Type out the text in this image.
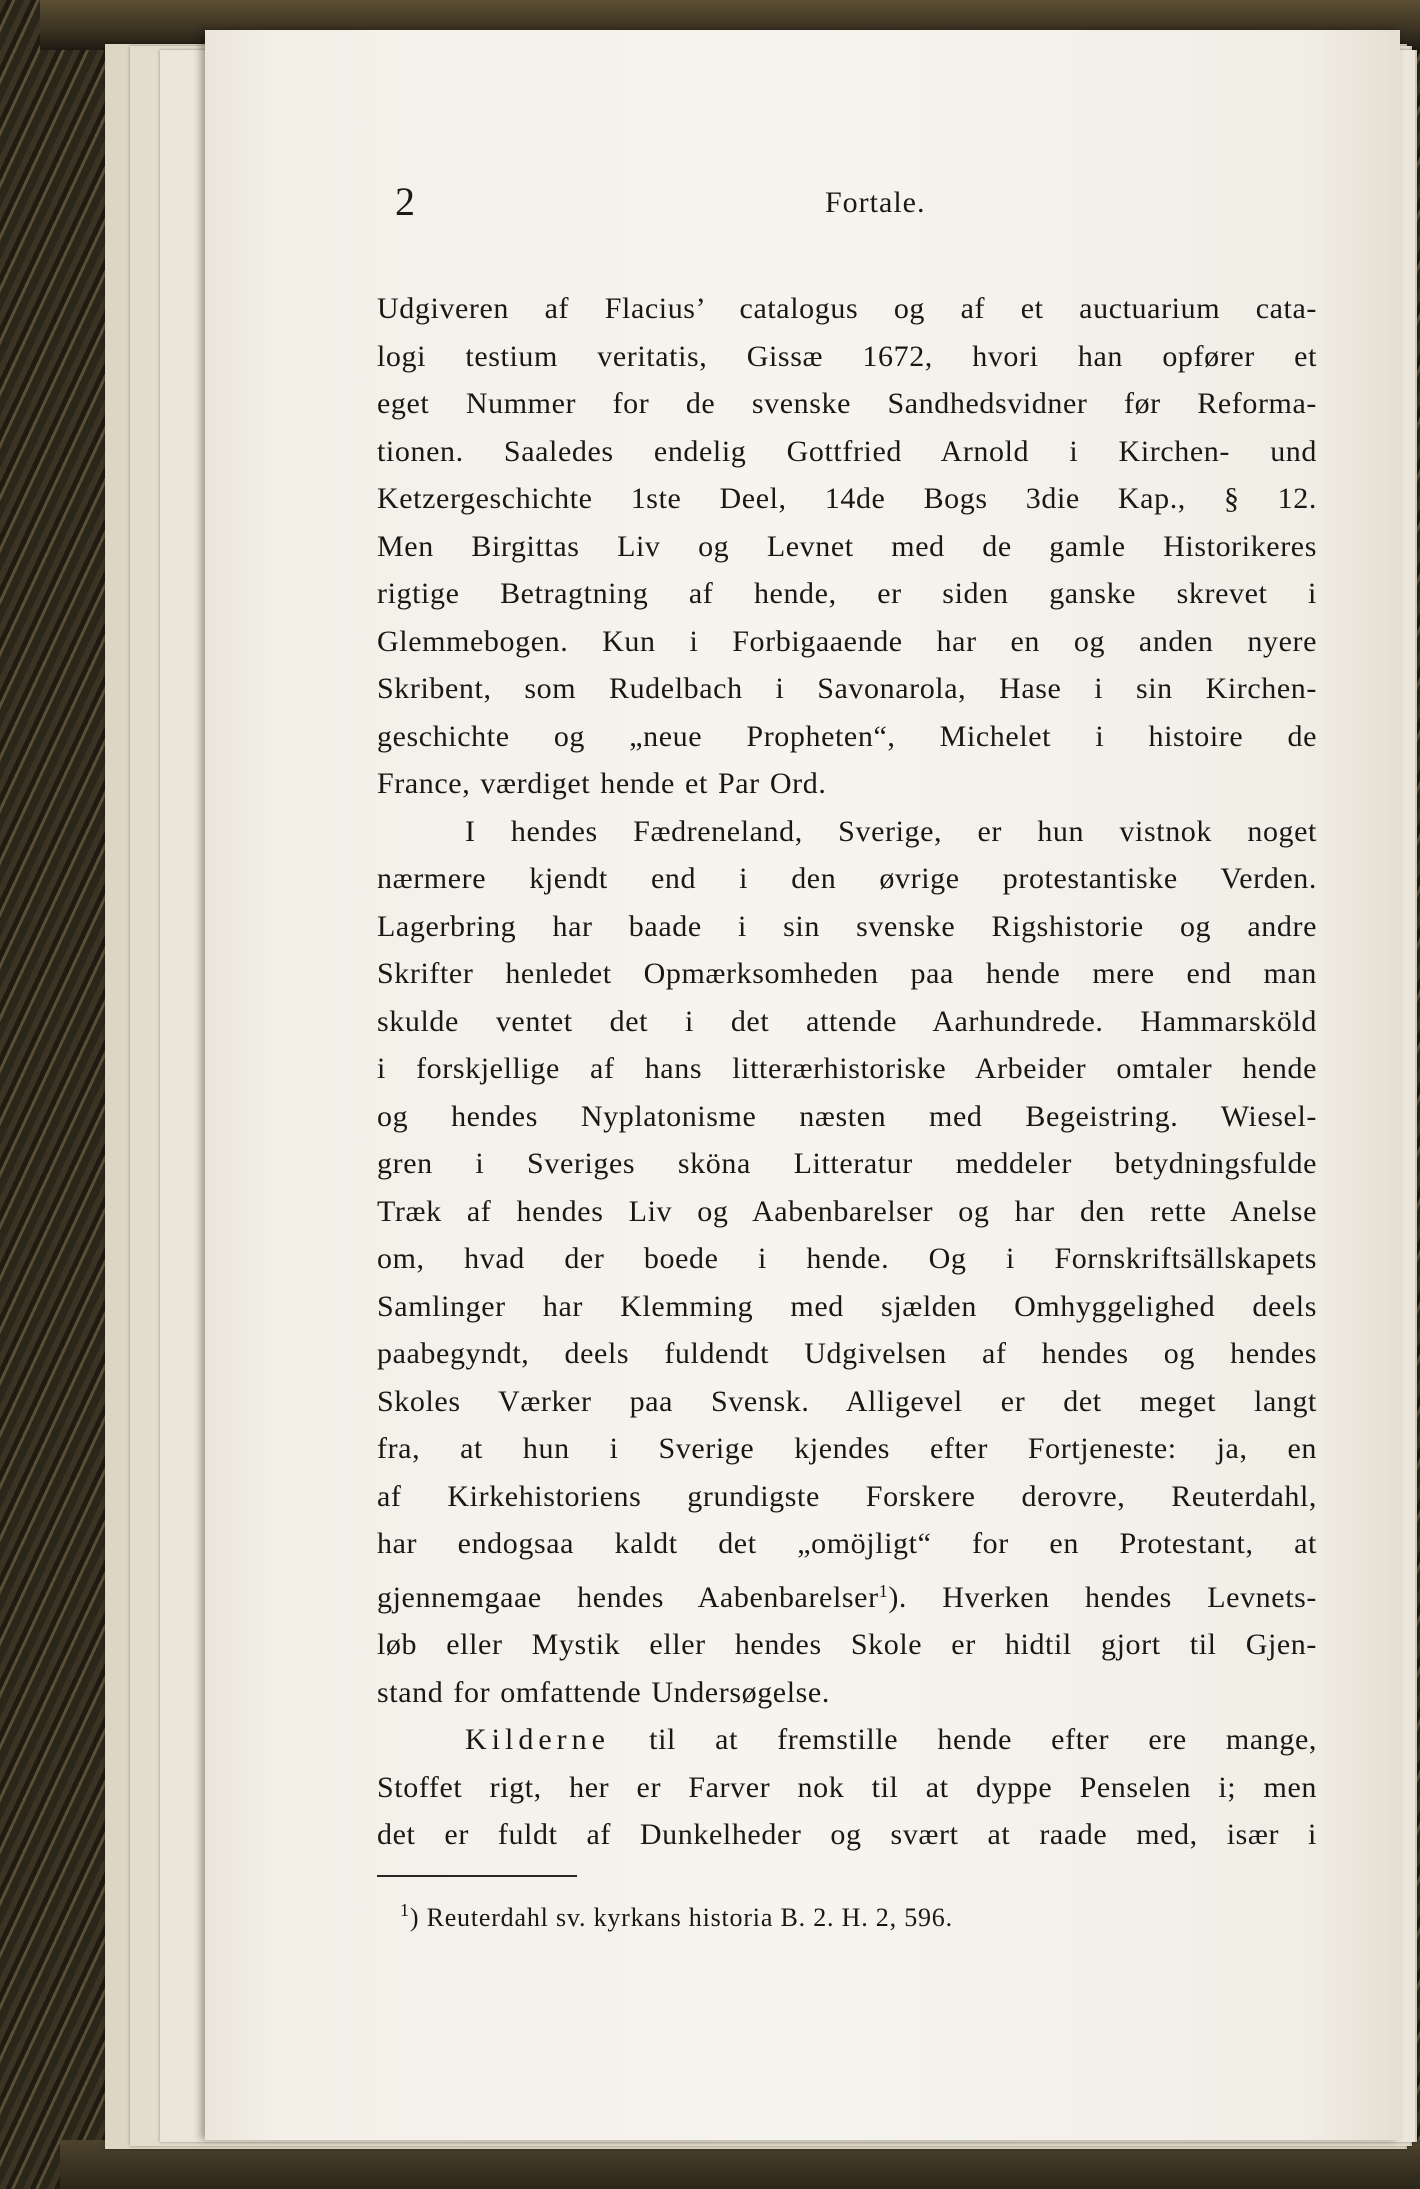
2	Fortale.
Udgiveren af Flacius’ catalogus og af et auctuarium cata-
logi testium veritatis, Gissæ 1672, hvori han opfører et
eget Nummer for de svenske Sandhedsvidner før Reforma-
tionen. Saaledes endelig Gottfried Arnold i Kirchen- und
Ketzergeschichte 1ste Deel, 14de Bogs 3die Kap., § 12.
Men Birgittas Liv og Levnet med de gamle Historikeres
rigtige Betragtning af hende, er siden ganske skrevet i
Glemmebogen. Kun i Forbigaaende har en og anden nyere
Skribent, som Rudelbach i Savonarola, Hase i sin Kirchen-
geschichte og „neue Propheten“, Michelet i histoire de
France, værdiget hende et Par Ord.
I hendes Fædreneland, Sverige, er hun vistnok noget
nærmere kjendt end i den øvrige protestantiske Verden.
Lagerbring har baade i sin svenske Rigshistorie og andre
Skrifter henledet Opmærksomheden paa hende mere end man
skulde ventet det i det attende Aarhundrede. Hammarsköld
i forskjellige af hans litterærhistoriske Arbeider omtaler hende
og hendes Nyplatonisme næsten med Begeistring. Wiesel-
gren i Sveriges sköna Litteratur meddeler betydningsfulde
Træk af hendes Liv og Aabenbarelser og har den rette Anelse
om, hvad der boede i hende. Og i Fornskriftsällskapets
Samlinger har Klemming med sjælden Omhyggelighed deels
paabegyndt, deels fuldendt Udgivelsen af hendes og hendes
Skoles Værker paa Svensk. Alligevel er det meget langt
fra, at hun i Sverige kjendes efter Fortjeneste: ja, en
af Kirkehistoriens grundigste Forskere derovre, Reuterdahl,
har endogsaa kaldt det „omöjligt“ for en Protestant, at
gjennemgaae hendes Aabenbarelser$^1$). Hverken hendes Levnets-
løb eller Mystik eller hendes Skole er hidtil gjort til Gjen-
stand for omfattende Undersøgelse.
Kilderne til at fremstille hende efter ere mange,
Stoffet rigt, her er Farver nok til at dyppe Penselen i; men
det er fuldt af Dunkelheder og svært at raade med, især i
$^1$) Reuterdahl sv. kyrkans historia B. 2. H. 2, 596.
